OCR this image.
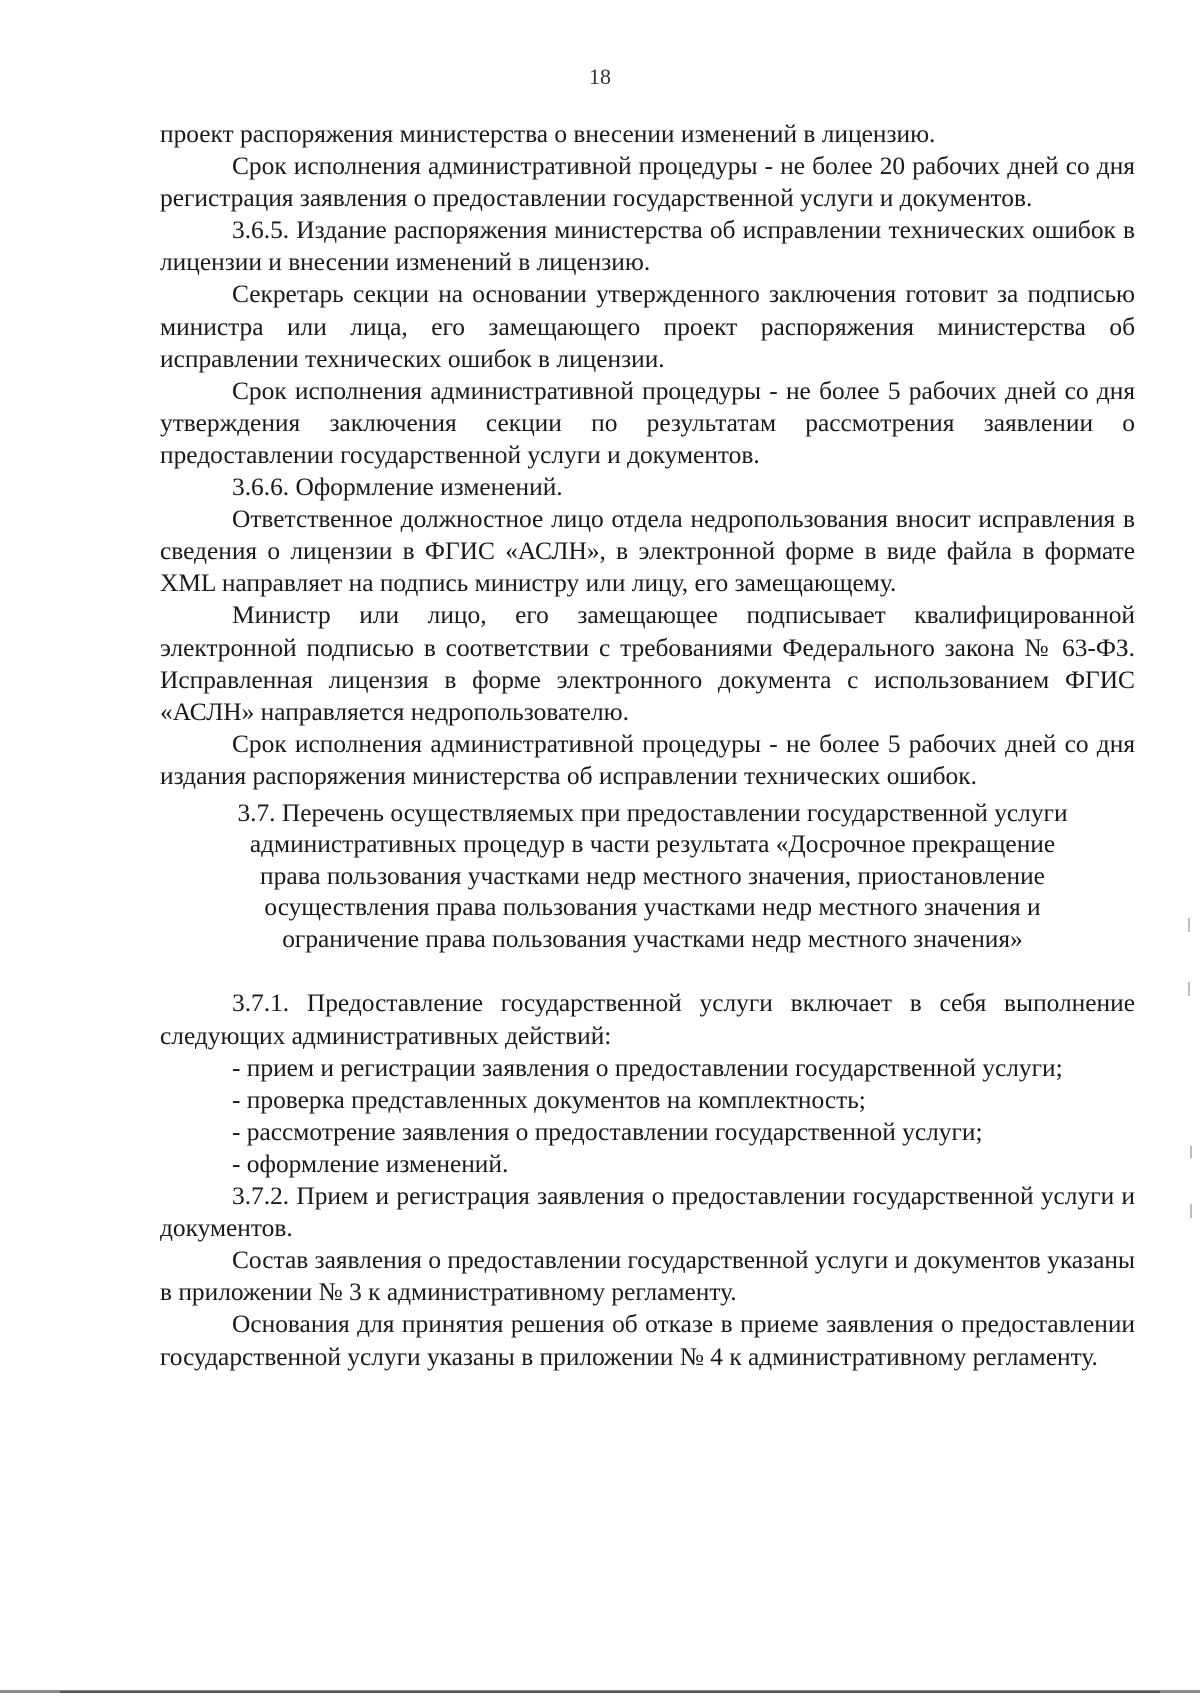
18

проект распоряжения министерства о внесении изменений в лицензию.

Срок исполнения административной процедуры - не более 20 рабочих дней со дня регистрация заявления о предоставлении государственной услуги и документов.

3.6.5. Издание распоряжения министерства об исправлении технических ошибок в лицензии и внесении изменений в лицензию.

Секретарь секции на основании утвержденного заключения готовит за подписью министра или лица, его замещающего проект распоряжения министерства об исправлении технических ошибок в лицензии.

Срок исполнения административной процедуры - не более 5 рабочих дней со дня утверждения заключения секции по результатам рассмотрения заявлении о предоставлении государственной услуги и документов.

3.6.6. Оформление изменений.

Ответственное должностное лицо отдела недропользования вносит исправления в сведения о лицензии в ФГИС «АСЛН», в электронной форме в виде файла в формате XML направляет на подпись министру или лицу, его замещающему.

Министр или лицо, его замещающее подписывает квалифицированной электронной подписью в соответствии с требованиями Федерального закона № 63-ФЗ. Исправленная лицензия в форме электронного документа с использованием ФГИС «АСЛН» направляется недропользователю.

Срок исполнения административной процедуры - не более 5 рабочих дней со дня издания распоряжения министерства об исправлении технических ошибок.

3.7. Перечень осуществляемых при предоставлении государственной услуги административных процедур в части результата «Досрочное прекращение права пользования участками недр местного значения, приостановление осуществления права пользования участками недр местного значения и ограничение права пользования участками недр местного значения»

3.7.1. Предоставление государственной услуги включает в себя выполнение следующих административных действий:

- прием и регистрации заявления о предоставлении государственной услуги;

- проверка представленных документов на комплектность;

- рассмотрение заявления о предоставлении государственной услуги;

- оформление изменений.

3.7.2. Прием и регистрация заявления о предоставлении государственной услуги и документов.

Состав заявления о предоставлении государственной услуги и документов указаны в приложении № 3 к административному регламенту.

Основания для принятия решения об отказе в приеме заявления о предоставлении государственной услуги указаны в приложении № 4 к административному регламенту.
